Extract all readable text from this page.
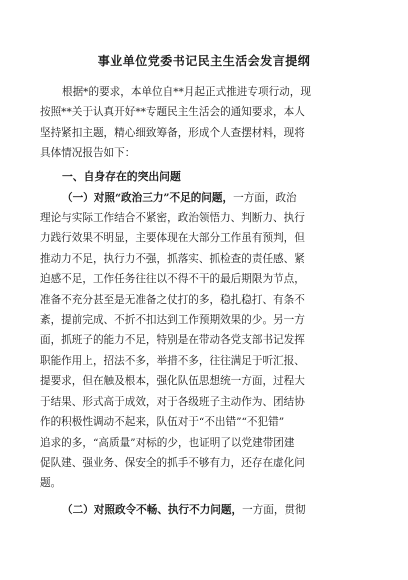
事业单位党委书记民主生活会发言提纲
根据*的要求，本单位自**月起正式推进专项行动，现
按照**关于认真开好**专题民主生活会的通知要求，本人
坚持紧扣主题，精心细致筹备，形成个人查摆材料，现将
具体情况报告如下：
一、自身存在的突出问题
（一）对照“政治三力”不足的问题，一方面，政治
理论与实际工作结合不紧密，政治领悟力、判断力、执行
力践行效果不明显，主要体现在大部分工作虽有预判，但
推动力不足，执行力不强，抓落实、抓检查的责任感、紧
迫感不足，工作任务往往以不得不干的最后期限为节点，
准备不充分甚至是无准备之仗打的多，稳扎稳打、有条不
紊，提前完成、不折不扣达到工作预期效果的少。另一方
面，抓班子的能力不足，特别是在带动各党支部书记发挥
职能作用上，招法不多，举措不多，往往满足于听汇报、
提要求，但在触及根本，强化队伍思想统一方面，过程大
于结果、形式高于成效，对于各级班子主动作为、团结协
作的积极性调动不起来，队伍对于“不出错”“不犯错”
追求的多，“高质量”对标的少，也证明了以党建带团建
促队建、强业务、保安全的抓手不够有力，还存在虚化问
题。
（二）对照政令不畅、执行不力问题，一方面，贯彻
